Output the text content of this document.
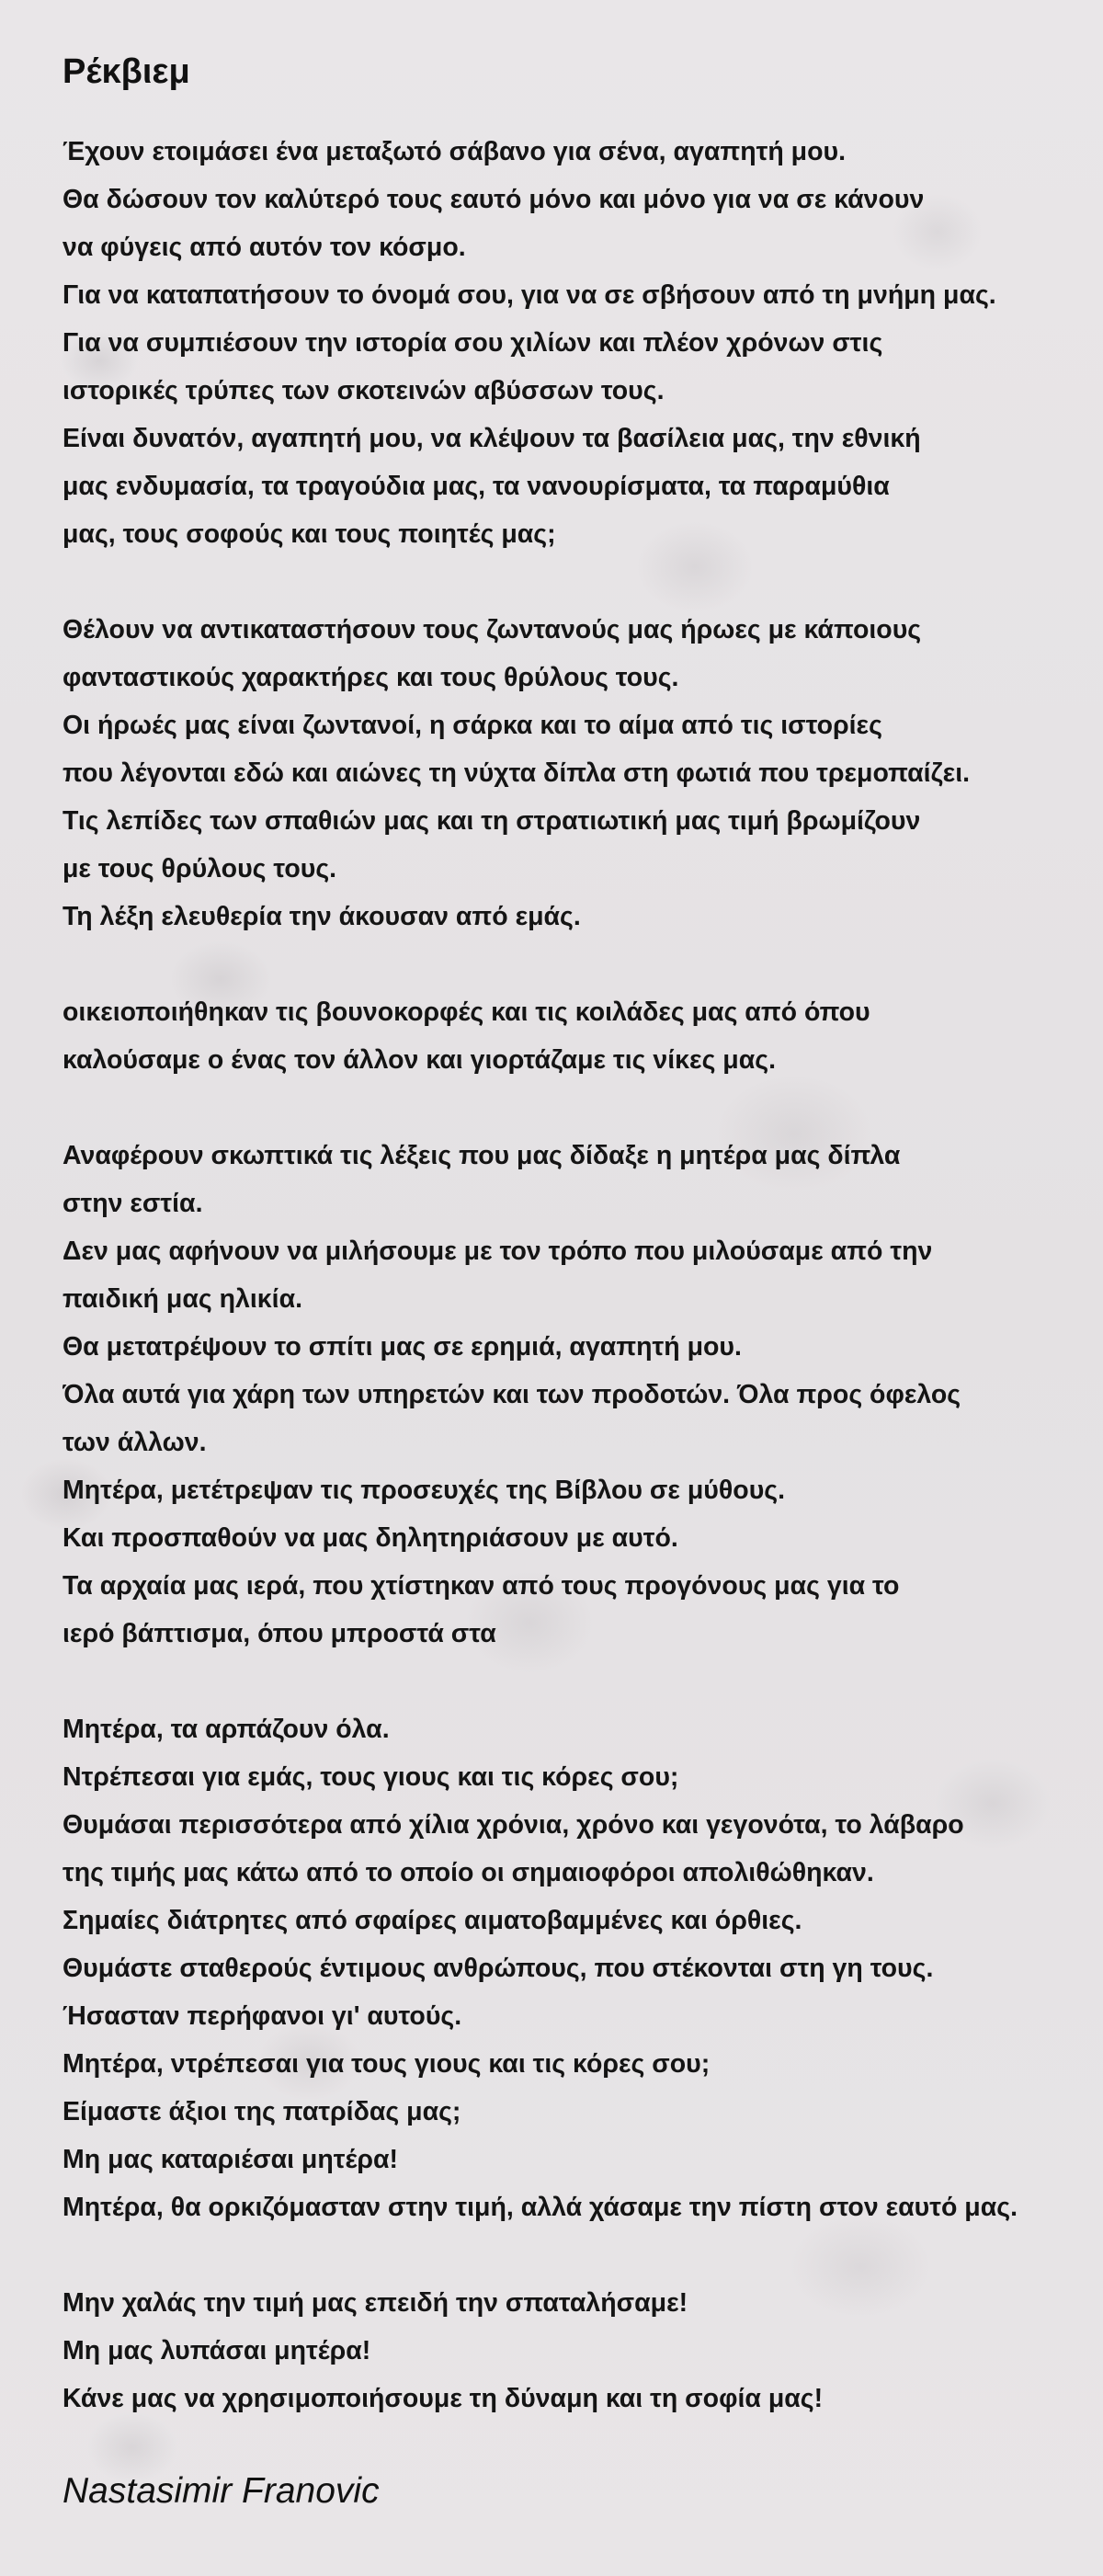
Ρέκβιεμ
Έχουν ετοιμάσει ένα μεταξωτό σάβανο για σένα, αγαπητή μου.
Θα δώσουν τον καλύτερό τους εαυτό μόνο και μόνο για να σε κάνουν
να φύγεις από αυτόν τον κόσμο.
Για να καταπατήσουν το όνομά σου, για να σε σβήσουν από τη μνήμη μας.
Για να συμπιέσουν την ιστορία σου χιλίων και πλέον χρόνων στις
ιστορικές τρύπες των σκοτεινών αβύσσων τους.
Είναι δυνατόν, αγαπητή μου, να κλέψουν τα βασίλεια μας, την εθνική
μας ενδυμασία, τα τραγούδια μας, τα νανουρίσματα, τα παραμύθια
μας, τους σοφούς και τους ποιητές μας;
Θέλουν να αντικαταστήσουν τους ζωντανούς μας ήρωες με κάποιους
φανταστικούς χαρακτήρες και τους θρύλους τους.
Οι ήρωές μας είναι ζωντανοί, η σάρκα και το αίμα από τις ιστορίες
που λέγονται εδώ και αιώνες τη νύχτα δίπλα στη φωτιά που τρεμοπαίζει.
Τις λεπίδες των σπαθιών μας και τη στρατιωτική μας τιμή βρωμίζουν
με τους θρύλους τους.
Τη λέξη ελευθερία την άκουσαν από εμάς.
οικειοποιήθηκαν τις βουνοκορφές και τις κοιλάδες μας από όπου
καλούσαμε ο ένας τον άλλον και γιορτάζαμε τις νίκες μας.
Αναφέρουν σκωπτικά τις λέξεις που μας δίδαξε η μητέρα μας δίπλα
στην εστία.
Δεν μας αφήνουν να μιλήσουμε με τον τρόπο που μιλούσαμε από την
παιδική μας ηλικία.
Θα μετατρέψουν το σπίτι μας σε ερημιά, αγαπητή μου.
Όλα αυτά για χάρη των υπηρετών και των προδοτών. Όλα προς όφελος
των άλλων.
Μητέρα, μετέτρεψαν τις προσευχές της Βίβλου σε μύθους.
Και προσπαθούν να μας δηλητηριάσουν με αυτό.
Τα αρχαία μας ιερά, που χτίστηκαν από τους προγόνους μας για το
ιερό βάπτισμα, όπου μπροστά στα
Μητέρα, τα αρπάζουν όλα.
Ντρέπεσαι για εμάς, τους γιους και τις κόρες σου;
Θυμάσαι περισσότερα από χίλια χρόνια, χρόνο και γεγονότα, το λάβαρο
της τιμής μας κάτω από το οποίο οι σημαιοφόροι απολιθώθηκαν.
Σημαίες διάτρητες από σφαίρες αιματοβαμμένες και όρθιες.
Θυμάστε σταθερούς έντιμους ανθρώπους, που στέκονται στη γη τους.
Ήσασταν περήφανοι γι' αυτούς.
Μητέρα, ντρέπεσαι για τους γιους και τις κόρες σου;
Είμαστε άξιοι της πατρίδας μας;
Μη μας καταριέσαι μητέρα!
Μητέρα, θα ορκιζόμασταν στην τιμή, αλλά χάσαμε την πίστη στον εαυτό μας.
Μην χαλάς την τιμή μας επειδή την σπαταλήσαμε!
Μη μας λυπάσαι μητέρα!
Κάνε μας να χρησιμοποιήσουμε τη δύναμη και τη σοφία μας!
Nastasimir Franovic
